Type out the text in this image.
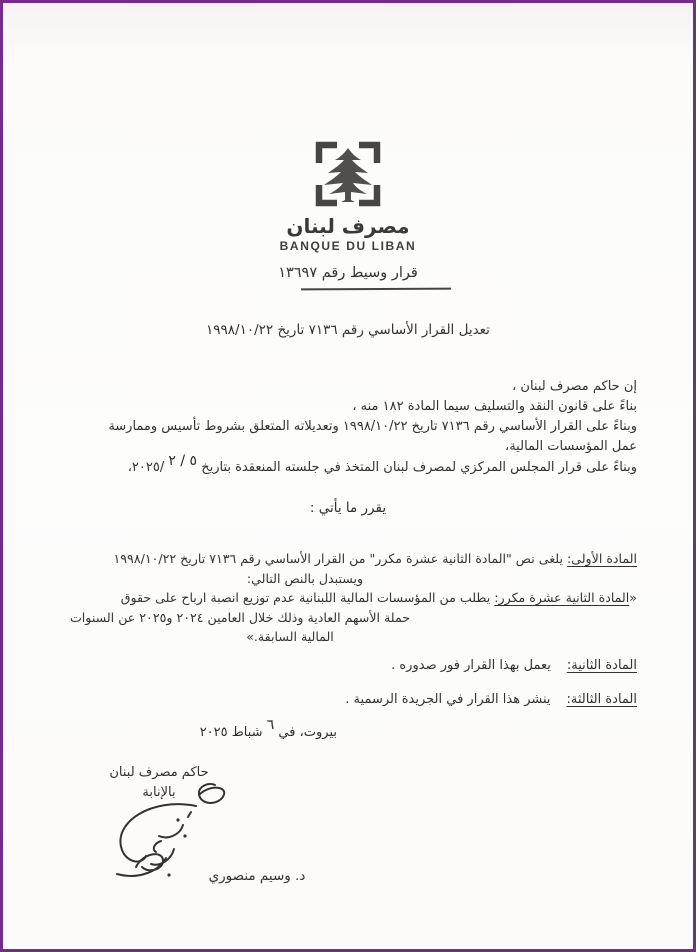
مصرف لبنان
BANQUE DU LIBAN
قرار وسيط رقم ١٣٦٩٧
تعديل القرار الأساسي رقم ٧١٣٦ تاريخ ١٩٩٨/١٠/٢٢
إن حاكم مصرف لبنان ،
بناءً على قانون النقد والتسليف سيما المادة ١٨٢ منه ،
وبناءً على القرار الأساسي رقم ٧١٣٦ تاريخ ١٩٩٨/١٠/٢٢ وتعديلاته المتعلق بشروط تأسيس وممارسة
عمل المؤسسات المالية،
وبناءً على قرار المجلس المركزي لمصرف لبنان المتخذ في جلسته المنعقدة بتاريخ ٥ / ٢ /٢٠٢٥،
يقرر ما يأتي :
المادة الأولى: يلغى نص "المادة الثانية عشرة مكرر" من القرار الأساسي رقم ٧١٣٦ تاريخ ١٩٩٨/١٠/٢٢
ويستبدل بالنص التالي:
«المادة الثانية عشرة مكرر: يطلب من المؤسسات المالية اللبنانية عدم توزيع انصبة ارباح على حقوق
حملة الأسهم العادية وذلك خلال العامين ٢٠٢٤ و٢٠٢٥ عن السنوات
المالية السابقة.»
المادة الثانية:يعمل بهذا القرار فور صدوره .
المادة الثالثة:ينشر هذا القرار في الجريدة الرسمية .
بيروت، في ٦ شباط ٢٠٢٥
حاكم مصرف لبنان
بالإنابة
د. وسيم منصوري
